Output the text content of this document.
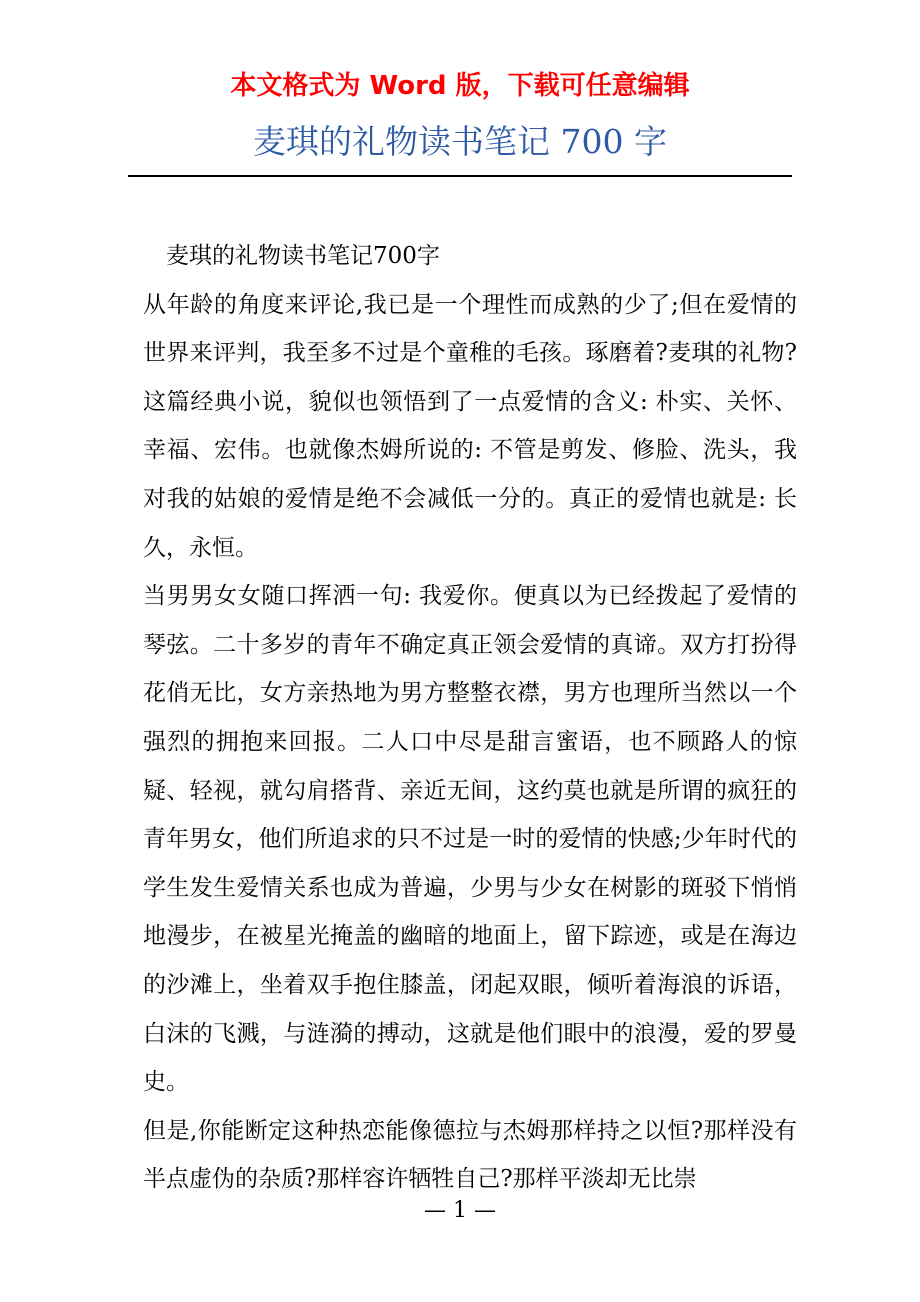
本文格式为 Word 版，下载可任意编辑
麦琪的礼物读书笔记 700 字

麦琪的礼物读书笔记700字

从年龄的角度来评论,我已是一个理性而成熟的少了;但在爱情的世界来评判，我至多不过是个童稚的毛孩。琢磨着?麦琪的礼物?这篇经典小说，貌似也领悟到了一点爱情的含义: 朴实、关怀、幸福、宏伟。也就像杰姆所说的: 不管是剪发、修脸、洗头，我对我的姑娘的爱情是绝不会减低一分的。真正的爱情也就是: 长久，永恒。

当男男女女随口挥洒一句: 我爱你。便真以为已经拨起了爱情的琴弦。二十多岁的青年不确定真正领会爱情的真谛。双方打扮得花俏无比，女方亲热地为男方整整衣襟，男方也理所当然以一个强烈的拥抱来回报。二人口中尽是甜言蜜语，也不顾路人的惊疑、轻视，就勾肩搭背、亲近无间，这约莫也就是所谓的疯狂的青年男女，他们所追求的只不过是一时的爱情的快感;少年时代的学生发生爱情关系也成为普遍，少男与少女在树影的斑驳下悄悄地漫步，在被星光掩盖的幽暗的地面上，留下踪迹，或是在海边的沙滩上，坐着双手抱住膝盖，闭起双眼，倾听着海浪的诉语，白沫的飞溅，与涟漪的搏动，这就是他们眼中的浪漫，爱的罗曼史。

但是,你能断定这种热恋能像德拉与杰姆那样持之以恒?那样没有半点虚伪的杂质?那样容许牺牲自己?那样平淡却无比崇

— 1 —
